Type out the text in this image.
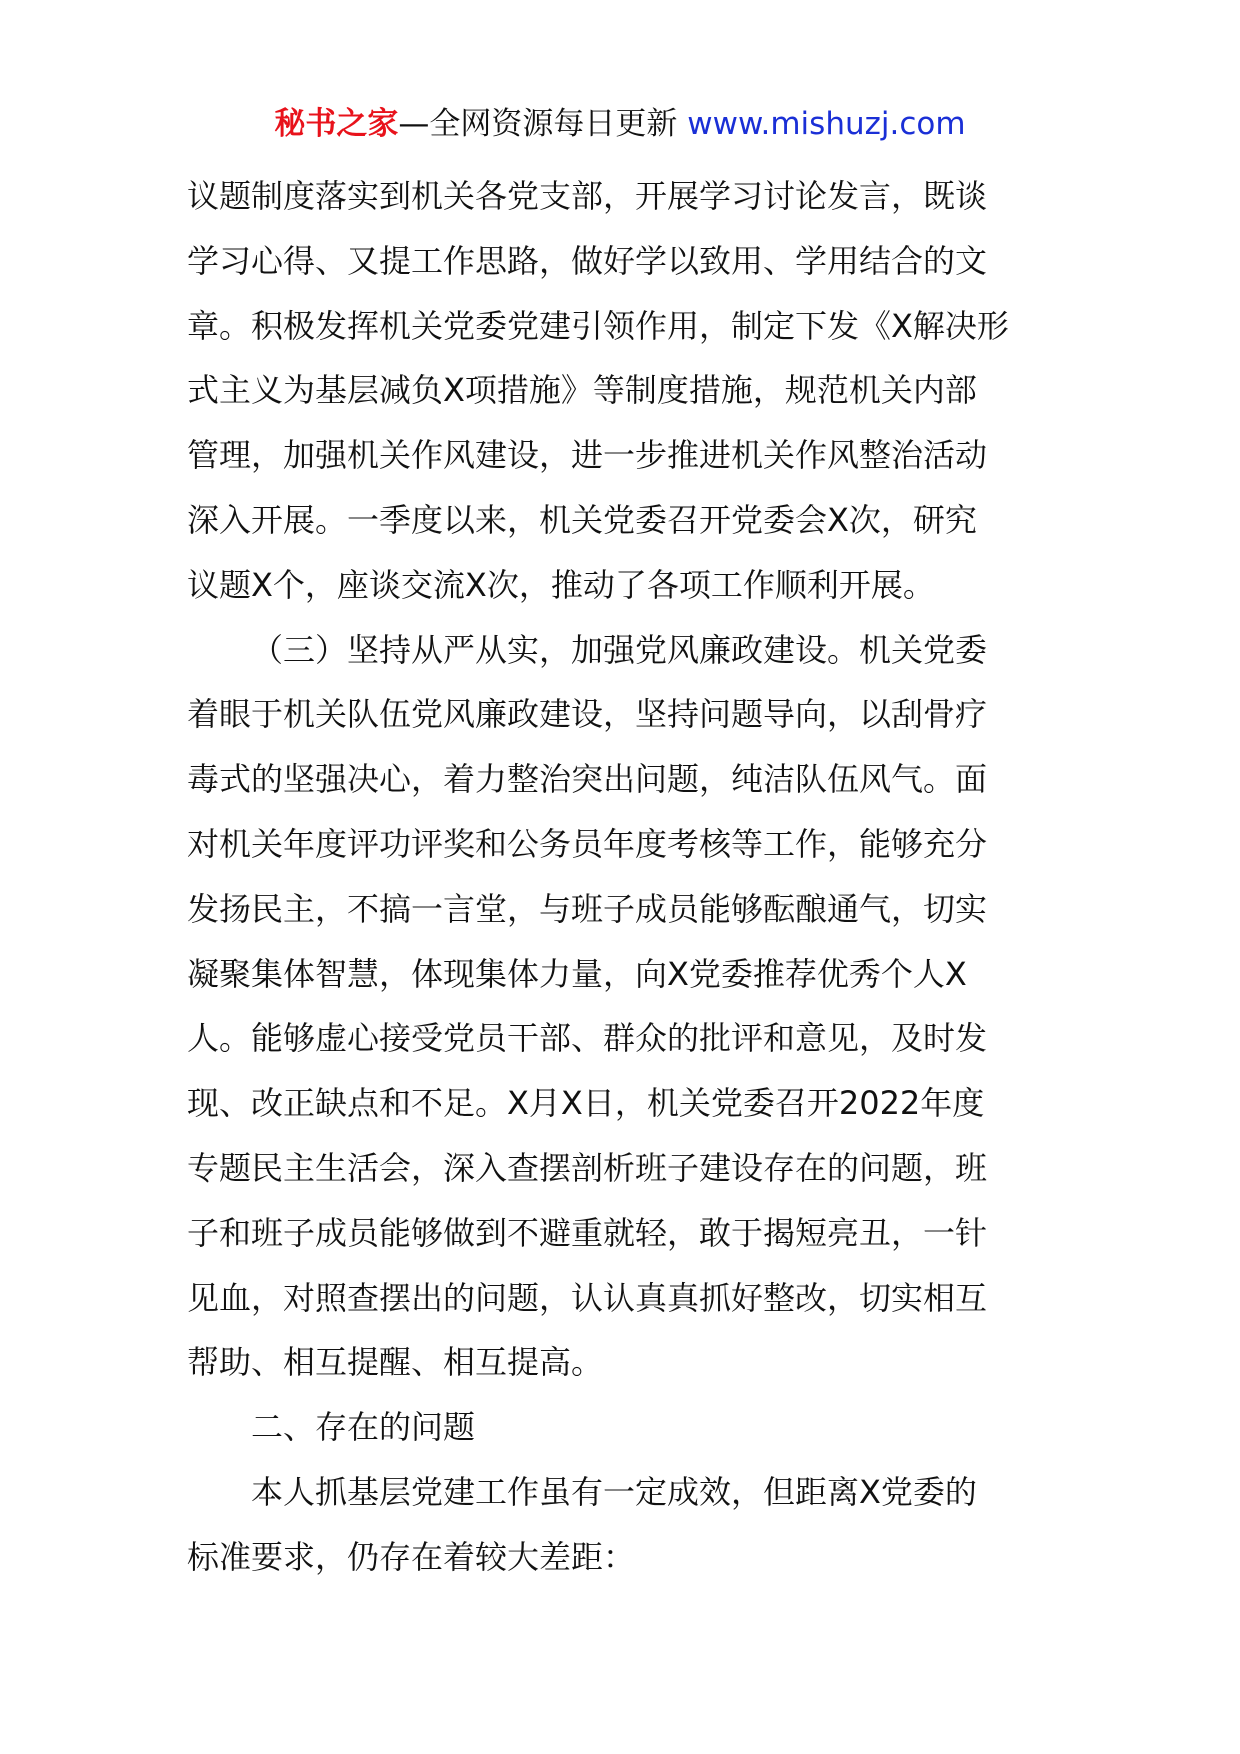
秘书之家—全网资源每日更新 www.mishuzj.com
议题制度落实到机关各党支部，开展学习讨论发言，既谈
学习心得、又提工作思路，做好学以致用、学用结合的文
章。积极发挥机关党委党建引领作用，制定下发《X解决形
式主义为基层减负X项措施》等制度措施，规范机关内部
管理，加强机关作风建设，进一步推进机关作风整治活动
深入开展。一季度以来，机关党委召开党委会X次，研究
议题X个，座谈交流X次，推动了各项工作顺利开展。
（三）坚持从严从实，加强党风廉政建设。机关党委
着眼于机关队伍党风廉政建设，坚持问题导向，以刮骨疗
毒式的坚强决心，着力整治突出问题，纯洁队伍风气。面
对机关年度评功评奖和公务员年度考核等工作，能够充分
发扬民主，不搞一言堂，与班子成员能够酝酿通气，切实
凝聚集体智慧，体现集体力量，向X党委推荐优秀个人X
人。能够虚心接受党员干部、群众的批评和意见，及时发
现、改正缺点和不足。X月X日，机关党委召开2022年度
专题民主生活会，深入查摆剖析班子建设存在的问题，班
子和班子成员能够做到不避重就轻，敢于揭短亮丑，一针
见血，对照查摆出的问题，认认真真抓好整改，切实相互
帮助、相互提醒、相互提高。
二、存在的问题
本人抓基层党建工作虽有一定成效，但距离X党委的
标准要求，仍存在着较大差距：
